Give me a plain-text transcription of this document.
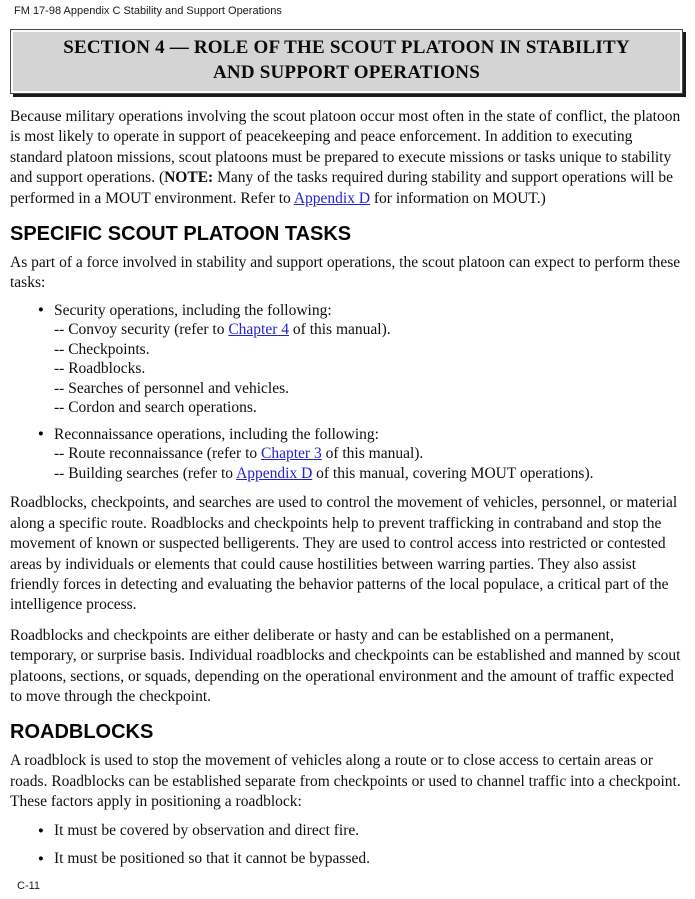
FM 17-98 Appendix C Stability and Support Operations
SECTION 4 — ROLE OF THE SCOUT PLATOON IN STABILITY
AND SUPPORT OPERATIONS

Because military operations involving the scout platoon occur most often in the state of conflict, the platoon is most likely to operate in support of peacekeeping and peace enforcement. In addition to executing standard platoon missions, scout platoons must be prepared to execute missions or tasks unique to stability and support operations. (NOTE: Many of the tasks required during stability and support operations will be performed in a MOUT environment. Refer to Appendix D for information on MOUT.)

SPECIFIC SCOUT PLATOON TASKS

As part of a force involved in stability and support operations, the scout platoon can expect to perform these tasks:

● Security operations, including the following:
-- Convoy security (refer to Chapter 4 of this manual).
-- Checkpoints.
-- Roadblocks.
-- Searches of personnel and vehicles.
-- Cordon and search operations.
● Reconnaissance operations, including the following:
-- Route reconnaissance (refer to Chapter 3 of this manual).
-- Building searches (refer to Appendix D of this manual, covering MOUT operations).

Roadblocks, checkpoints, and searches are used to control the movement of vehicles, personnel, or material along a specific route. Roadblocks and checkpoints help to prevent trafficking in contraband and stop the movement of known or suspected belligerents. They are used to control access into restricted or contested areas by individuals or elements that could cause hostilities between warring parties. They also assist friendly forces in detecting and evaluating the behavior patterns of the local populace, a critical part of the intelligence process.

Roadblocks and checkpoints are either deliberate or hasty and can be established on a permanent, temporary, or surprise basis. Individual roadblocks and checkpoints can be established and manned by scout platoons, sections, or squads, depending on the operational environment and the amount of traffic expected to move through the checkpoint.

ROADBLOCKS

A roadblock is used to stop the movement of vehicles along a route or to close access to certain areas or roads. Roadblocks can be established separate from checkpoints or used to channel traffic into a checkpoint. These factors apply in positioning a roadblock:

● It must be covered by observation and direct fire.
● It must be positioned so that it cannot be bypassed.
C-11
